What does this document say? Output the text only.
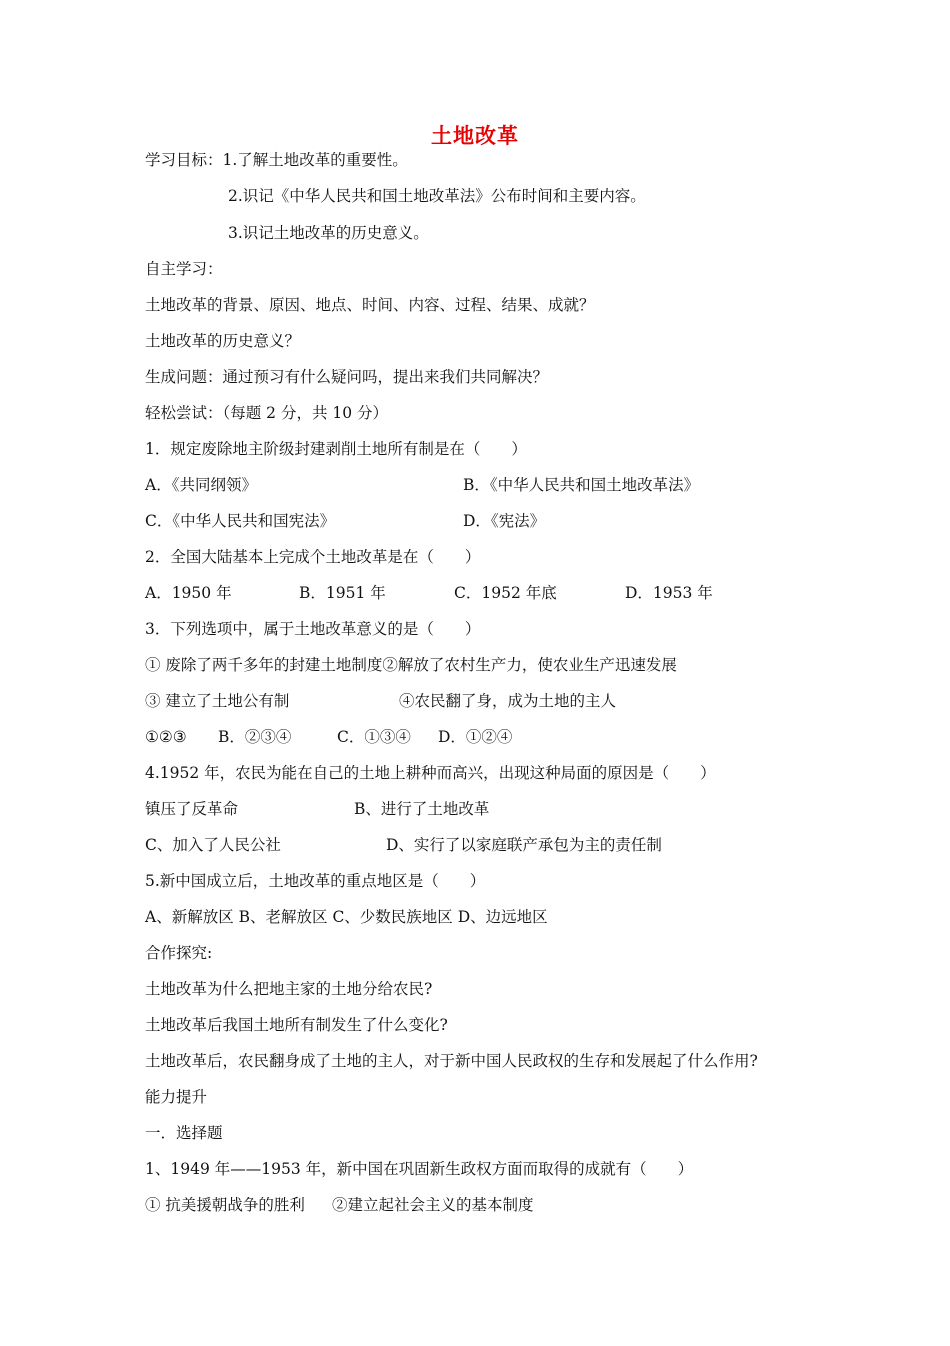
土地改革
学习目标：1.了解土地改革的重要性。
2.识记《中华人民共和国土地改革法》公布时间和主要内容。
3.识记土地改革的历史意义。
自主学习：
土地改革的背景、原因、地点、时间、内容、过程、结果、成就？
土地改革的历史意义？
生成问题：通过预习有什么疑问吗，提出来我们共同解决？
轻松尝试：（每题 2 分，共 10 分）
1．规定废除地主阶级封建剥削土地所有制是在（　　）
A．《共同纲领》	B．《中华人民共和国土地改革法》
C．《中华人民共和国宪法》	D．《宪法》
2．全国大陆基本上完成个土地改革是在（　　）
A．1950 年	B．1951 年	C．1952 年底	D．1953 年
3．下列选项中，属于土地改革意义的是（　　）
① 废除了两千多年的封建土地制度②解放了农村生产力，使农业生产迅速发展
③ 建立了土地公有制	④农民翻了身，成为土地的主人
①②③ B．②③④	C．①③④ D．①②④
4.1952 年，农民为能在自己的土地上耕种而高兴，出现这种局面的原因是（　　）
镇压了反革命	B、进行了土地改革
C、加入了人民公社	D、实行了以家庭联产承包为主的责任制
5.新中国成立后，土地改革的重点地区是（　　）
A、新解放区 B、老解放区 C、少数民族地区 D、边远地区
合作探究:
土地改革为什么把地主家的土地分给农民?
土地改革后我国土地所有制发生了什么变化?
土地改革后，农民翻身成了土地的主人，对于新中国人民政权的生存和发展起了什么作用?
能力提升
一．选择题
1、1949 年——1953 年，新中国在巩固新生政权方面而取得的成就有（　　）
① 抗美援朝战争的胜利 ②建立起社会主义的基本制度
